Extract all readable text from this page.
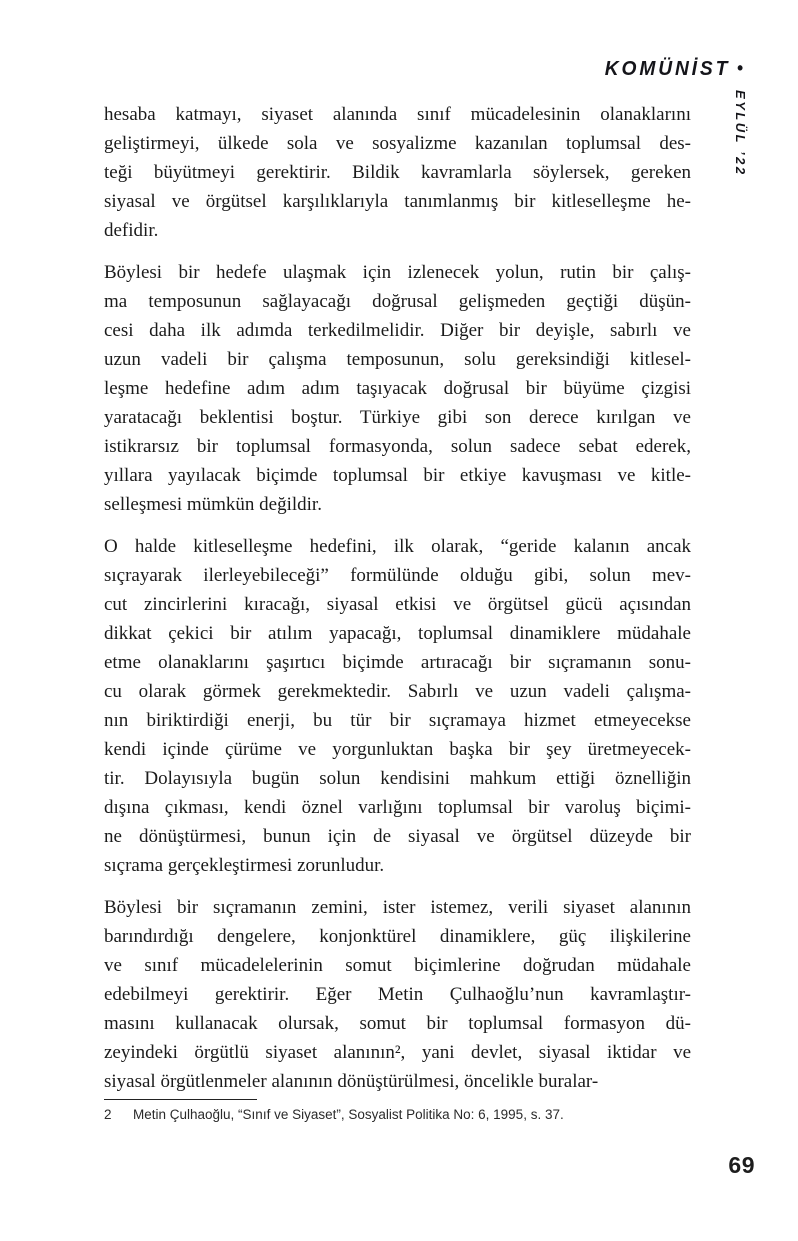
KOMÜNİST •
EYLÜL ’22
hesaba katmayı, siyaset alanında sınıf mücadelesinin olanaklarını
geliştirmeyi, ülkede sola ve sosyalizme kazanılan toplumsal des-
teği büyütmeyi gerektirir. Bildik kavramlarla söylersek, gereken
siyasal ve örgütsel karşılıklarıyla tanımlanmış bir kitleselleşme he-
defidir.
Böylesi bir hedefe ulaşmak için izlenecek yolun, rutin bir çalış-
ma temposunun sağlayacağı doğrusal gelişmeden geçtiği düşün-
cesi daha ilk adımda terkedilmelidir. Diğer bir deyişle, sabırlı ve
uzun vadeli bir çalışma temposunun, solu gereksindiği kitlesel-
leşme hedefine adım adım taşıyacak doğrusal bir büyüme çizgisi
yaratacağı beklentisi boştur. Türkiye gibi son derece kırılgan ve
istikrarsız bir toplumsal formasyonda, solun sadece sebat ederek,
yıllara yayılacak biçimde toplumsal bir etkiye kavuşması ve kitle-
selleşmesi mümkün değildir.
O halde kitleselleşme hedefini, ilk olarak, “geride kalanın ancak
sıçrayarak ilerleyebileceği” formülünde olduğu gibi, solun mev-
cut zincirlerini kıracağı, siyasal etkisi ve örgütsel gücü açısından
dikkat çekici bir atılım yapacağı, toplumsal dinamiklere müdahale
etme olanaklarını şaşırtıcı biçimde artıracağı bir sıçramanın sonu-
cu olarak görmek gerekmektedir. Sabırlı ve uzun vadeli çalışma-
nın biriktirdiği enerji, bu tür bir sıçramaya hizmet etmeyecekse
kendi içinde çürüme ve yorgunluktan başka bir şey üretmeyecek-
tir. Dolayısıyla bugün solun kendisini mahkum ettiği öznelliğin
dışına çıkması, kendi öznel varlığını toplumsal bir varoluş biçimi-
ne dönüştürmesi, bunun için de siyasal ve örgütsel düzeyde bir
sıçrama gerçekleştirmesi zorunludur.
Böylesi bir sıçramanın zemini, ister istemez, verili siyaset alanının
barındırdığı dengelere, konjonktürel dinamiklere, güç ilişkilerine
ve sınıf mücadelelerinin somut biçimlerine doğrudan müdahale
edebilmeyi gerektirir. Eğer Metin Çulhaoğlu’nun kavramlaştır-
masını kullanacak olursak, somut bir toplumsal formasyon dü-
zeyindeki örgütlü siyaset alanının², yani devlet, siyasal iktidar ve
siyasal örgütlenmeler alanının dönüştürülmesi, öncelikle buralar-
2	Metin Çulhaoğlu, “Sınıf ve Siyaset”, Sosyalist Politika No: 6, 1995, s. 37.
69
